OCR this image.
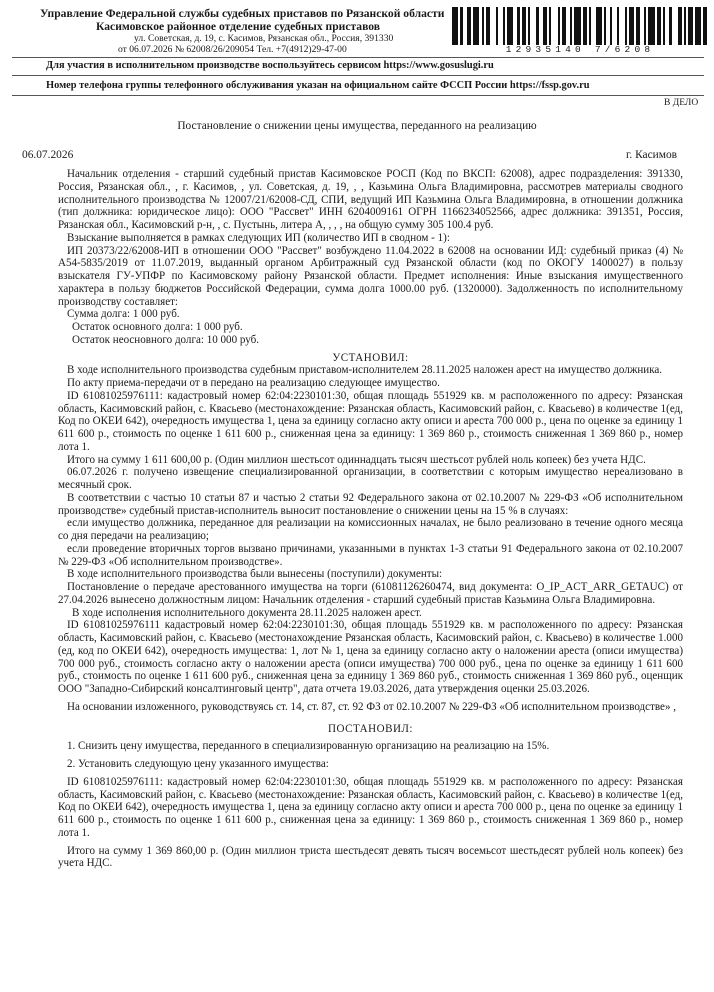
Управление Федеральной службы судебных приставов по Рязанской области
Касимовское районное отделение судебных приставов
ул. Советская, д. 19, с. Касимов, Рязанская обл., Россия, 391330
от 06.07.2026 № 62008/26/209054 Тел. +7(4912)29-47-00	12935140 7/6208
Для участия в исполнительном производстве воспользуйтесь сервисом https://www.gosuslugi.ru
Номер телефона группы телефонного обслуживания указан на официальном сайте ФССП России https://fssp.gov.ru
В ДЕЛО
Постановление о снижении цены имущества, переданного на реализацию
06.07.2026	г. Касимов

Начальник отделения - старший судебный пристав Касимовское РОСП (Код по ВКСП: 62008), адрес подразделения: 391330, Россия, Рязанская обл., , г. Касимов, , ул. Советская, д. 19, , , Казьмина Ольга Владимировна, рассмотрев материалы сводного исполнительного производства № 12007/21/62008-СД, СПИ, ведущий ИП Казьмина Ольга Владимировна, в отношении должника (тип должника: юридическое лицо): ООО "Рассвет" ИНН 6204009161 ОГРН 1166234052566, адрес должника: 391351, Россия, Рязанская обл., Касимовский р-н, , с. Пустынь, литера А, , , , на общую сумму 305 100.4 руб.

Взыскание выполняется в рамках следующих ИП (количество ИП в сводном - 1):

ИП 20373/22/62008-ИП в отношении ООО "Рассвет" возбуждено 11.04.2022 в 62008 на основании ИД: судебный приказ (4) № А54-5835/2019 от 11.07.2019, выданный органом Арбитражный суд Рязанской области (код по ОКОГУ 1400027) в пользу взыскателя ГУ-УПФР по Касимовскому району Рязанской области. Предмет исполнения: Иные взыскания имущественного характера в пользу бюджетов Российской Федерации, сумма долга 1000.00 руб. (1320000). Задолженность по исполнительному производству составляет:

Сумма долга: 1 000 руб.

Остаток основного долга: 1 000 руб.

Остаток неосновного долга: 10 000 руб.

УСТАНОВИЛ:

В ходе исполнительного производства судебным приставом-исполнителем 28.11.2025 наложен арест на имущество должника.

По акту приема-передачи от в передано на реализацию следующее имущество.

ID 61081025976111: кадастровый номер 62:04:2230101:30, общая площадь 551929 кв. м расположенного по адресу: Рязанская область, Касимовский район, с. Квасьево (местонахождение: Рязанская область, Касимовский район, с. Квасьево) в количестве 1(ед, Код по ОКЕИ 642), очередность имущества 1, цена за единицу согласно акту описи и ареста 700 000 р., цена по оценке за единицу 1 611 600 р., стоимость по оценке 1 611 600 р., сниженная цена за единицу: 1 369 860 р., стоимость сниженная 1 369 860 р., номер лота 1.

Итого на сумму 1 611 600,00 р. (Один миллион шестьсот одиннадцать тысяч шестьсот рублей ноль копеек) без учета НДС.

06.07.2026 г. получено извещение специализированной организации, в соответствии с которым имущество нереализовано в месячный срок.

В соответствии с частью 10 статьи 87 и частью 2 статьи 92 Федерального закона от 02.10.2007 № 229-ФЗ «Об исполнительном производстве» судебный пристав-исполнитель выносит постановление о снижении цены на 15 % в случаях:

если имущество должника, переданное для реализации на комиссионных началах, не было реализовано в течение одного месяца со дня передачи на реализацию;

если проведение вторичных торгов вызвано причинами, указанными в пунктах 1-3 статьи 91 Федерального закона от 02.10.2007 № 229-ФЗ «Об исполнительном производстве».

В ходе исполнительного производства были вынесены (поступили) документы:

Постановление о передаче арестованного имущества на торги (61081126260474, вид документа: O_IP_ACT_ARR_GETAUC) от 27.04.2026 вынесено должностным лицом: Начальник отделения - старший судебный пристав Казьмина Ольга Владимировна.

В ходе исполнения исполнительного документа 28.11.2025 наложен арест.

ID 61081025976111 кадастровый номер 62:04:2230101:30, общая площадь 551929 кв. м расположенного по адресу: Рязанская область, Касимовский район, с. Квасьево (местонахождение Рязанская область, Касимовский район, с. Квасьево) в количестве 1.000 (ед, код по ОКЕИ 642), очередность имущества: 1, лот № 1, цена за единицу согласно акту о наложении ареста (описи имущества) 700 000 руб., стоимость согласно акту о наложении ареста (описи имущества) 700 000 руб., цена по оценке за единицу 1 611 600 руб., стоимость по оценке 1 611 600 руб., сниженная цена за единицу 1 369 860 руб., стоимость сниженная 1 369 860 руб., оценщик ООО "Западно-Сибирский консалтинговый центр", дата отчета 19.03.2026, дата утверждения оценки 25.03.2026.

На основании изложенного, руководствуясь ст. 14, ст. 87, ст. 92 ФЗ от 02.10.2007 № 229-ФЗ «Об исполнительном производстве» ,

ПОСТАНОВИЛ:

1. Снизить цену имущества, переданного в специализированную организацию на реализацию на 15%.

2. Установить следующую цену указанного имущества:

ID 61081025976111: кадастровый номер 62:04:2230101:30, общая площадь 551929 кв. м расположенного по адресу: Рязанская область, Касимовский район, с. Квасьево (местонахождение: Рязанская область, Касимовский район, с. Квасьево) в количестве 1(ед, Код по ОКЕИ 642), очередность имущества 1, цена за единицу согласно акту описи и ареста 700 000 р., цена по оценке за единицу 1 611 600 р., стоимость по оценке 1 611 600 р., сниженная цена за единицу: 1 369 860 р., стоимость сниженная 1 369 860 р., номер лота 1.

Итого на сумму 1 369 860,00 р. (Один миллион триста шестьдесят девять тысяч восемьсот шестьдесят рублей ноль копеек) без учета НДС.
